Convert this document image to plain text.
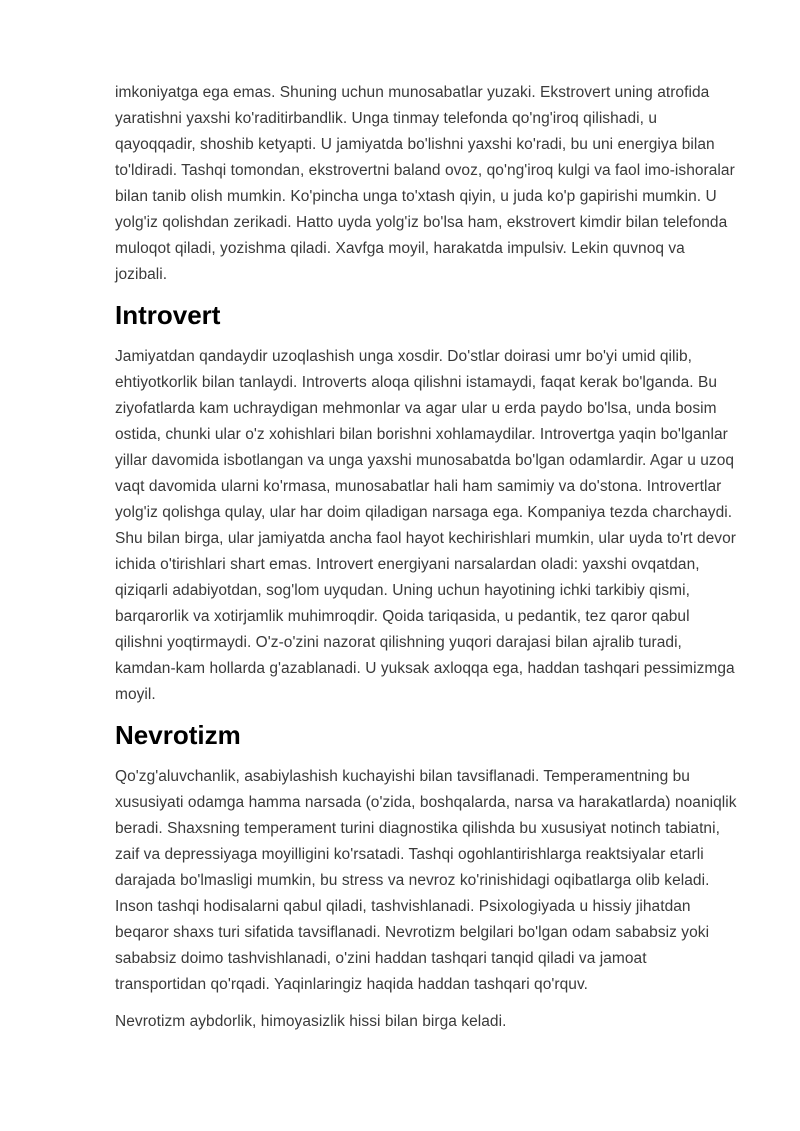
imkoniyatga ega emas. Shuning uchun munosabatlar yuzaki. Ekstrovert uning atrofida yaratishni yaxshi ko'raditirbandlik. Unga tinmay telefonda qo'ng'iroq qilishadi, u qayoqqadir, shoshib ketyapti. U jamiyatda bo'lishni yaxshi ko'radi, bu uni energiya bilan to'ldiradi. Tashqi tomondan, ekstrovertni baland ovoz, qo'ng'iroq kulgi va faol imo-ishoralar bilan tanib olish mumkin. Ko'pincha unga to'xtash qiyin, u juda ko'p gapirishi mumkin. U yolg'iz qolishdan zerikadi. Hatto uyda yolg'iz bo'lsa ham, ekstrovert kimdir bilan telefonda muloqot qiladi, yozishma qiladi. Xavfga moyil, harakatda impulsiv. Lekin quvnoq va jozibali.

Introvert

Jamiyatdan qandaydir uzoqlashish unga xosdir. Do'stlar doirasi umr bo'yi umid qilib, ehtiyotkorlik bilan tanlaydi. Introverts aloqa qilishni istamaydi, faqat kerak bo'lganda. Bu ziyofatlarda kam uchraydigan mehmonlar va agar ular u erda paydo bo'lsa, unda bosim ostida, chunki ular o'z xohishlari bilan borishni xohlamaydilar. Introvertga yaqin bo'lganlar yillar davomida isbotlangan va unga yaxshi munosabatda bo'lgan odamlardir. Agar u uzoq vaqt davomida ularni ko'rmasa, munosabatlar hali ham samimiy va do'stona. Introvertlar yolg'iz qolishga qulay, ular har doim qiladigan narsaga ega. Kompaniya tezda charchaydi. Shu bilan birga, ular jamiyatda ancha faol hayot kechirishlari mumkin, ular uyda to'rt devor ichida o'tirishlari shart emas. Introvert energiyani narsalardan oladi: yaxshi ovqatdan, qiziqarli adabiyotdan, sog'lom uyqudan. Uning uchun hayotining ichki tarkibiy qismi, barqarorlik va xotirjamlik muhimroqdir. Qoida tariqasida, u pedantik, tez qaror qabul qilishni yoqtirmaydi. O'z-o'zini nazorat qilishning yuqori darajasi bilan ajralib turadi, kamdan-kam hollarda g'azablanadi. U yuksak axloqqa ega, haddan tashqari pessimizmga moyil.

Nevrotizm

Qo'zg'aluvchanlik, asabiylashish kuchayishi bilan tavsiflanadi. Temperamentning bu xususiyati odamga hamma narsada (o'zida, boshqalarda, narsa va harakatlarda) noaniqlik beradi. Shaxsning temperament turini diagnostika qilishda bu xususiyat notinch tabiatni, zaif va depressiyaga moyilligini ko'rsatadi. Tashqi ogohlantirishlarga reaktsiyalar etarli darajada bo'lmasligi mumkin, bu stress va nevroz ko'rinishidagi oqibatlarga olib keladi. Inson tashqi hodisalarni qabul qiladi, tashvishlanadi. Psixologiyada u hissiy jihatdan beqaror shaxs turi sifatida tavsiflanadi. Nevrotizm belgilari bo'lgan odam sababsiz yoki sababsiz doimo tashvishlanadi, o'zini haddan tashqari tanqid qiladi va jamoat transportidan qo'rqadi. Yaqinlaringiz haqida haddan tashqari qo'rquv.

Nevrotizm aybdorlik, himoyasizlik hissi bilan birga keladi.
